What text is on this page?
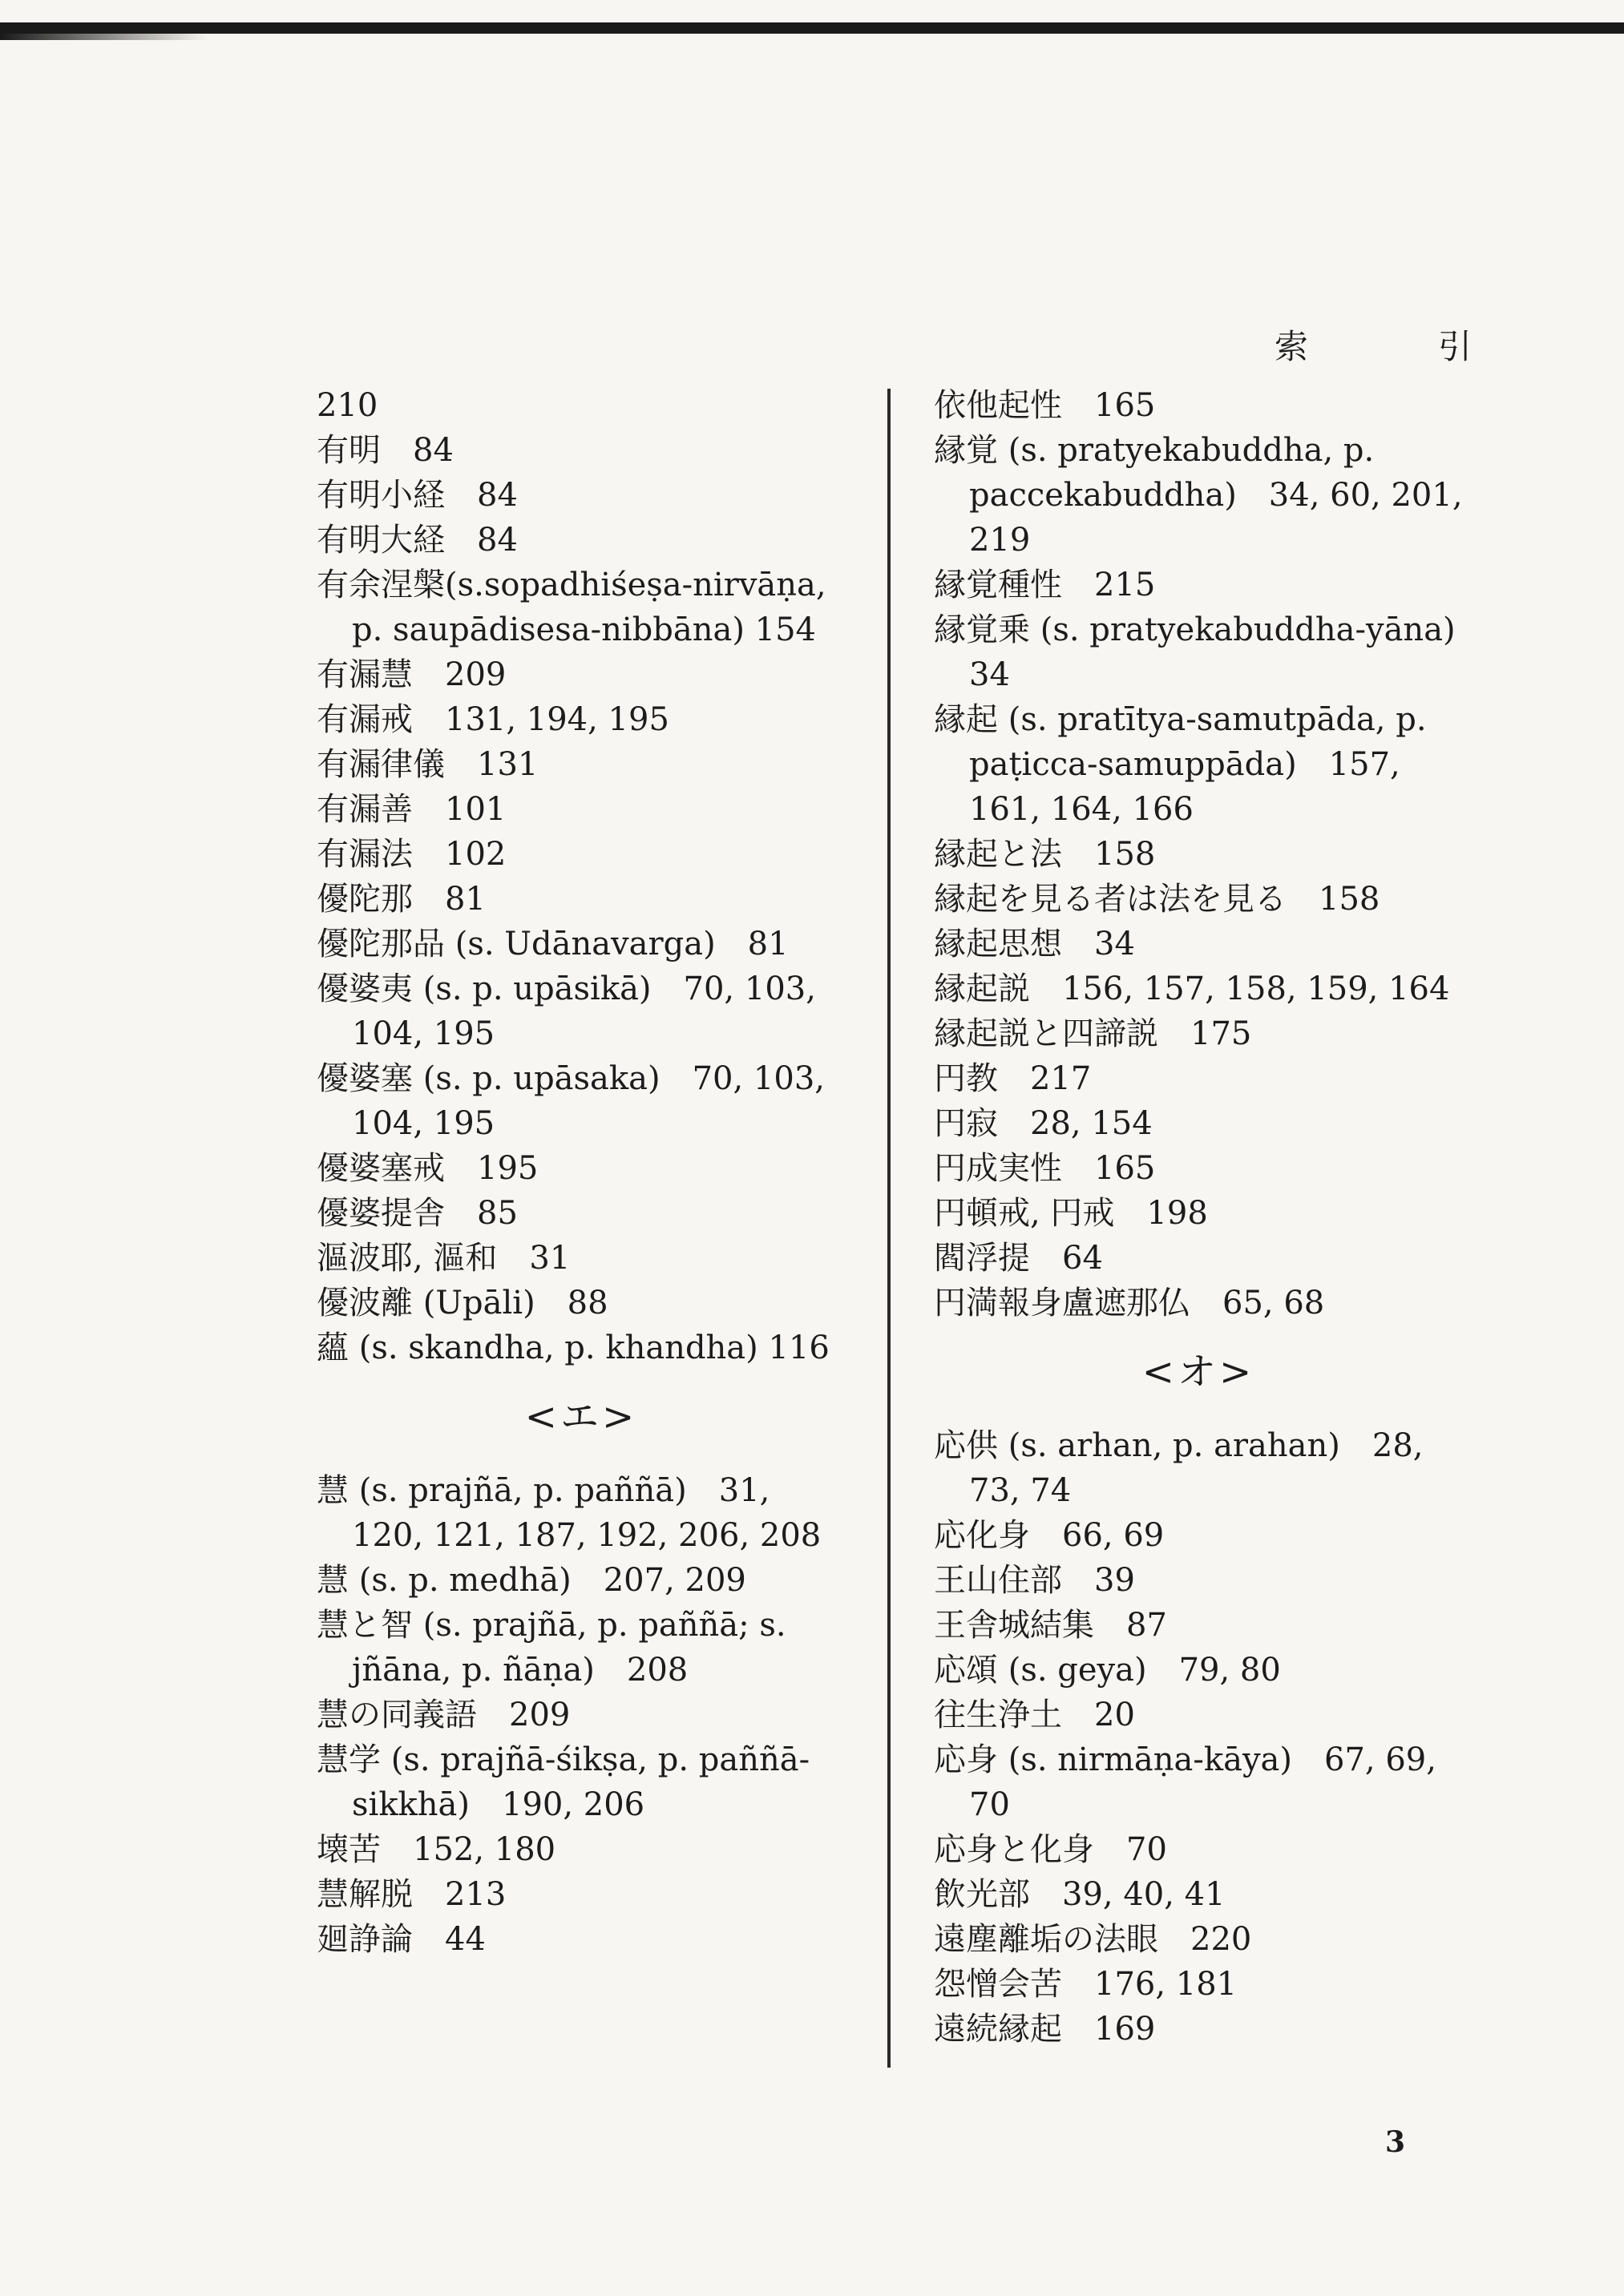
索　引
210
有明　84
有明小経　84
有明大経　84
有余涅槃(s.sopadhiśeṣa-nirvāṇa, p. saupādisesa-nibbāna) 154
有漏慧　209
有漏戒　131, 194, 195
有漏律儀　131
有漏善　101
有漏法　102
優陀那　81
優陀那品 (s. Udānavarga)　81
優婆夷 (s. p. upāsikā)　70, 103, 104, 195
優婆塞 (s. p. upāsaka)　70, 103, 104, 195
優婆塞戒　195
優婆提舎　85
漚波耶, 漚和　31
優波離 (Upāli)　88
蘊 (s. skandha, p. khandha) 116
<エ>
慧 (s. prajñā, p. paññā)　31, 120, 121, 187, 192, 206, 208
慧 (s. p. medhā)　207, 209
慧と智 (s. prajñā, p. paññā; s. jñāna, p. ñāṇa)　208
慧の同義語　209
慧学 (s. prajñā-śikṣa, p. paññā-sikkhā)　190, 206
壊苦　152, 180
慧解脱　213
廻諍論　44
依他起性　165
縁覚 (s. pratyekabuddha, p. paccekabuddha)　34, 60, 201, 219
縁覚種性　215
縁覚乗 (s. pratyekabuddha-yāna) 34
縁起 (s. pratītya-samutpāda, p. paṭicca-samuppāda)　157, 161, 164, 166
縁起と法　158
縁起を見る者は法を見る　158
縁起思想　34
縁起説　156, 157, 158, 159, 164
縁起説と四諦説　175
円教　217
円寂　28, 154
円成実性　165
円頓戒, 円戒　198
閻浮提　64
円満報身盧遮那仏　65, 68
<オ>
応供 (s. arhan, p. arahan)　28, 73, 74
応化身　66, 69
王山住部　39
王舎城結集　87
応頌 (s. geya)　79, 80
往生浄土　20
応身 (s. nirmāṇa-kāya)　67, 69, 70
応身と化身　70
飲光部　39, 40, 41
遠塵離垢の法眼　220
怨憎会苦　176, 181
遠続縁起　169
3
